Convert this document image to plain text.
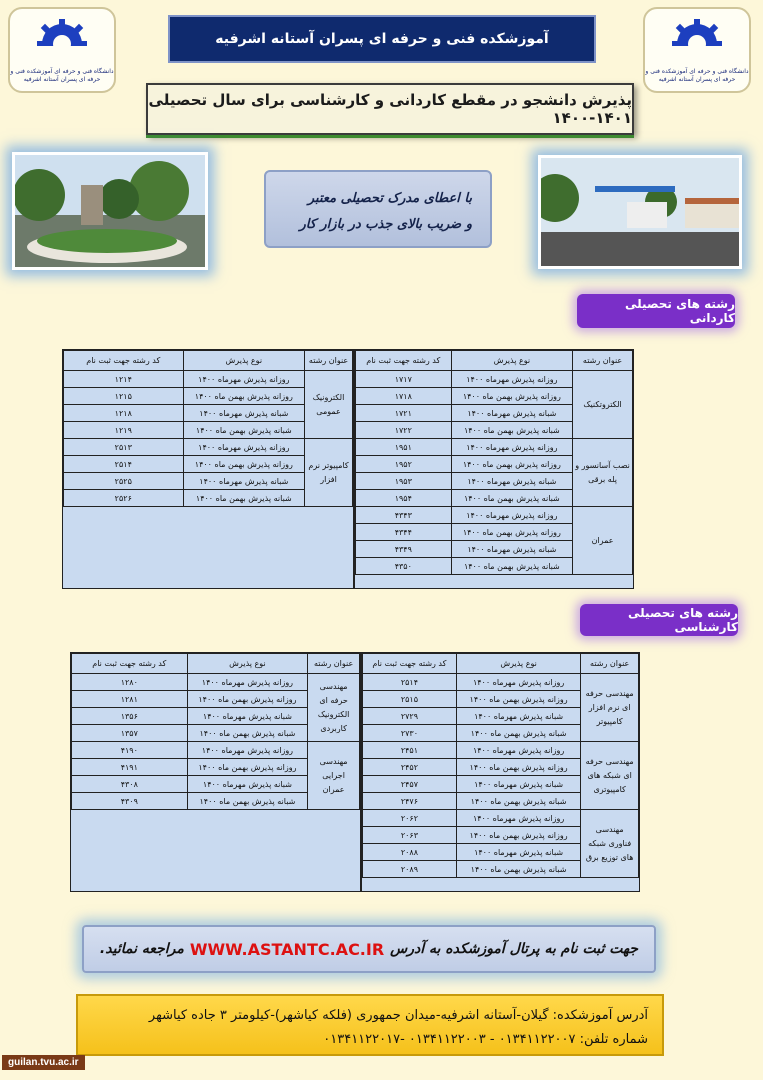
دانشگاه فنی و حرفه ای آموزشکده فنی و حرفه ای پسران آستانه اشرفیه
دانشگاه فنی و حرفه ای آموزشکده فنی و حرفه ای پسران آستانه اشرفیه
آموزشکده فنی و حرفه ای پسران آستانه اشرفیه
پذیرش دانشجو در مقطع کاردانی و کارشناسی برای سال تحصیلی ۱۴۰۱-۱۴۰۰
با اعطای مدرک تحصیلی معتبر
و ضریب بالای جذب در بازار کار
رشته های تحصیلی کاردانی
عنوان رشته	نوع پذیرش	کد رشته جهت ثبت نام
الکتروتکنیک	روزانه پذیرش مهرماه ۱۴۰۰	۱۷۱۷
	روزانه پذیرش بهمن ماه ۱۴۰۰	۱۷۱۸
	شبانه پذیرش مهرماه ۱۴۰۰	۱۷۲۱
	شبانه پذیرش بهمن ماه ۱۴۰۰	۱۷۲۲
نصب آسانسور و پله برقی	روزانه پذیرش مهرماه ۱۴۰۰	۱۹۵۱
	روزانه پذیرش بهمن ماه ۱۴۰۰	۱۹۵۲
	شبانه پذیرش مهرماه ۱۴۰۰	۱۹۵۳
	شبانه پذیرش بهمن ماه ۱۴۰۰	۱۹۵۴
عمران	روزانه پذیرش مهرماه ۱۴۰۰	۴۳۴۳
	روزانه پذیرش بهمن ماه ۱۴۰۰	۴۳۴۴
	شبانه پذیرش مهرماه ۱۴۰۰	۴۳۴۹
	شبانه پذیرش بهمن ماه ۱۴۰۰	۴۳۵۰
عنوان رشته	نوع پذیرش	کد رشته جهت ثبت نام
الکترونیک عمومی	روزانه پذیرش مهرماه ۱۴۰۰	۱۲۱۴
	روزانه پذیرش بهمن ماه ۱۴۰۰	۱۲۱۵
	شبانه پذیرش مهرماه ۱۴۰۰	۱۲۱۸
	شبانه پذیرش بهمن ماه ۱۴۰۰	۱۲۱۹
کامپیوتر نرم افزار	روزانه پذیرش مهرماه ۱۴۰۰	۲۵۱۳
	روزانه پذیرش بهمن ماه ۱۴۰۰	۲۵۱۴
	شبانه پذیرش مهرماه ۱۴۰۰	۲۵۲۵
	شبانه پذیرش بهمن ماه ۱۴۰۰	۲۵۲۶
رشته های تحصیلی کارشناسی
عنوان رشته	نوع پذیرش	کد رشته جهت ثبت نام
مهندسی حرفه ای نرم افزار کامپیوتر	روزانه پذیرش مهرماه ۱۴۰۰	۲۵۱۴
	روزانه پذیرش بهمن ماه ۱۴۰۰	۲۵۱۵
	شبانه پذیرش مهرماه ۱۴۰۰	۲۷۲۹
	شبانه پذیرش بهمن ماه ۱۴۰۰	۲۷۳۰
مهندسی حرفه ای شبکه های کامپیوتری	روزانه پذیرش مهرماه ۱۴۰۰	۲۴۵۱
	روزانه پذیرش بهمن ماه ۱۴۰۰	۲۴۵۲
	شبانه پذیرش مهرماه ۱۴۰۰	۲۴۵۷
	شبانه پذیرش بهمن ماه ۱۴۰۰	۲۴۷۶
مهندسی فناوری شبکه های توزیع برق	روزانه پذیرش مهرماه ۱۴۰۰	۲۰۶۲
	روزانه پذیرش بهمن ماه ۱۴۰۰	۲۰۶۳
	شبانه پذیرش مهرماه ۱۴۰۰	۲۰۸۸
	شبانه پذیرش بهمن ماه ۱۴۰۰	۲۰۸۹
عنوان رشته	نوع پذیرش	کد رشته جهت ثبت نام
مهندسی حرفه ای الکترونیک کاربردی	روزانه پذیرش مهرماه ۱۴۰۰	۱۲۸۰
	روزانه پذیرش بهمن ماه ۱۴۰۰	۱۲۸۱
	شبانه پذیرش مهرماه ۱۴۰۰	۱۳۵۶
	شبانه پذیرش بهمن ماه ۱۴۰۰	۱۳۵۷
مهندسی اجرایی عمران	روزانه پذیرش مهرماه ۱۴۰۰	۴۱۹۰
	روزانه پذیرش بهمن ماه ۱۴۰۰	۴۱۹۱
	شبانه پذیرش مهرماه ۱۴۰۰	۴۳۰۸
	شبانه پذیرش بهمن ماه ۱۴۰۰	۴۳۰۹
جهت ثبت نام به پرتال آموزشکده به آدرس
WWW.ASTANTC.AC.IR
مراجعه نمائید.
آدرس آموزشکده: گیلان-آستانه اشرفیه-میدان جمهوری (فلکه کیاشهر)-کیلومتر ۳ جاده کیاشهر
شماره تلفن: ۰۱۳۴۱۱۲۲۰۰۷ - ۰۱۳۴۱۱۲۲۰۰۳ -۰۱۳۴۱۱۲۲۰۱۷
guilan.tvu.ac.ir
